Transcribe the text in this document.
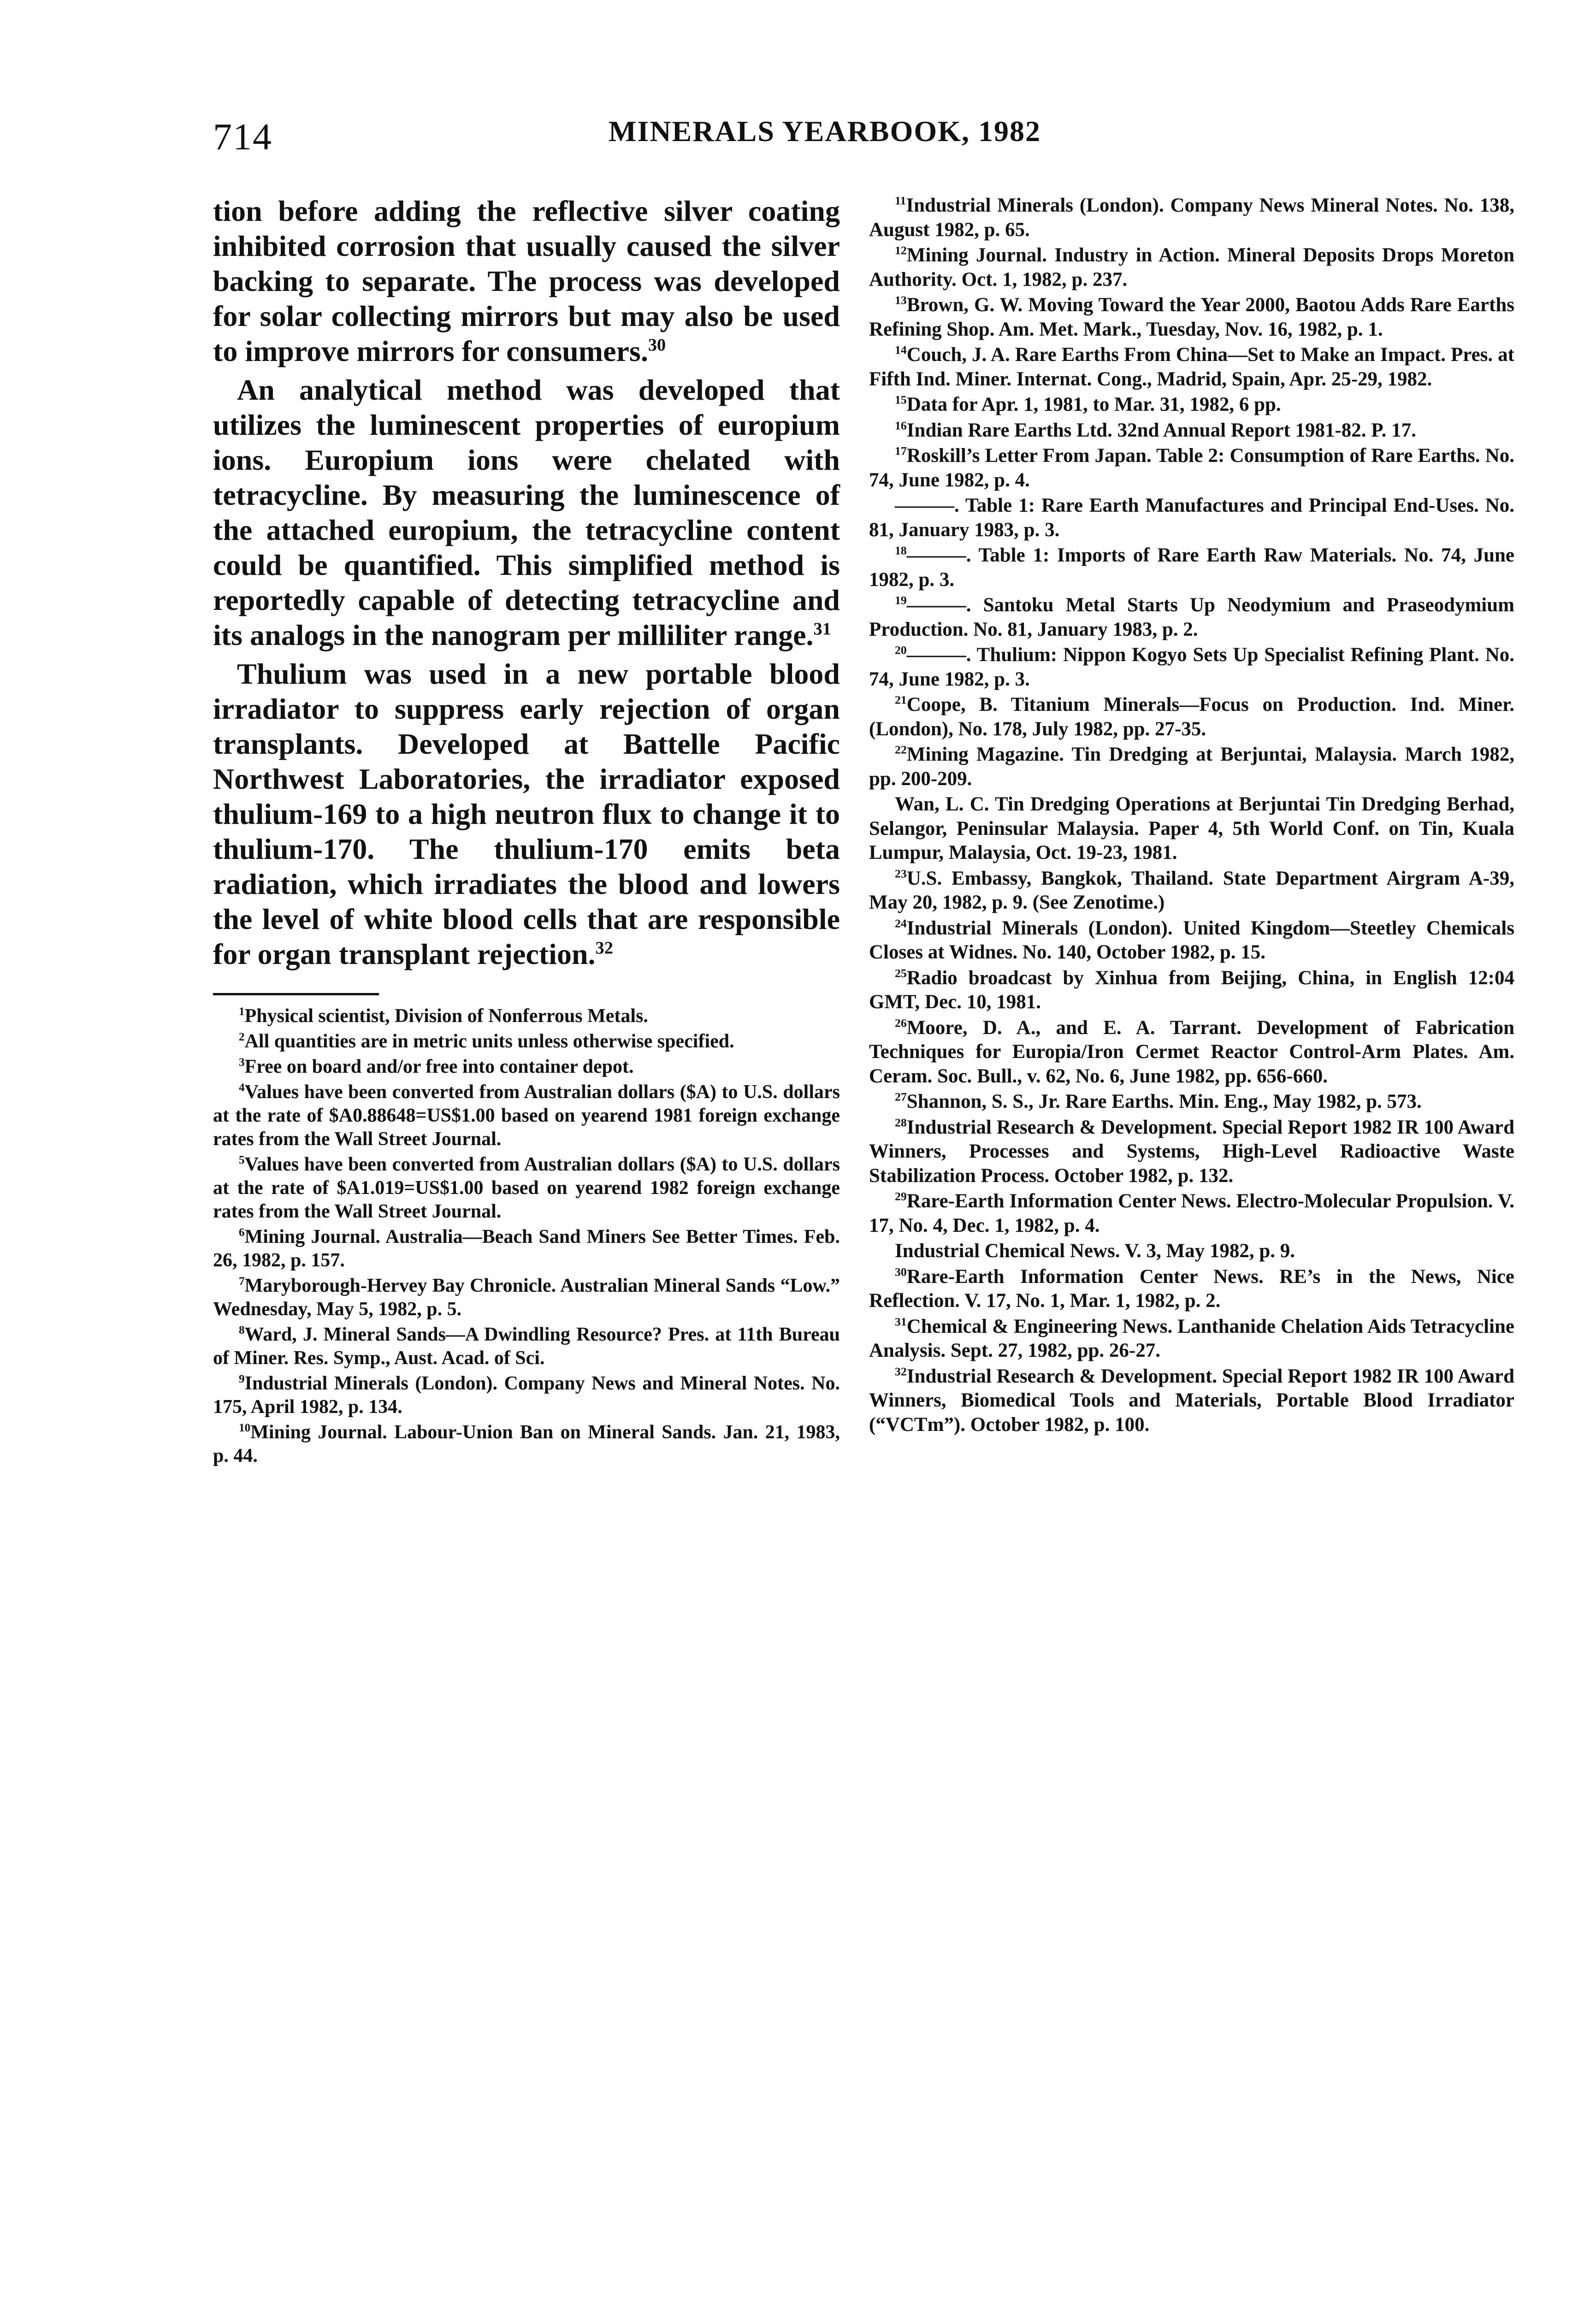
714	MINERALS YEARBOOK, 1982

tion before adding the reflective silver coating inhibited corrosion that usually caused the silver backing to separate. The process was developed for solar collecting mirrors but may also be used to improve mirrors for consumers.$^{30}$

An analytical method was developed that utilizes the luminescent properties of europium ions. Europium ions were chelated with tetracycline. By measuring the luminescence of the attached europium, the tetracycline content could be quantified. This simplified method is reportedly capable of detecting tetracycline and its analogs in the nanogram per milliliter range.$^{31}$

Thulium was used in a new portable blood irradiator to suppress early rejection of organ transplants. Developed at Battelle Pacific Northwest Laboratories, the irradiator exposed thulium-169 to a high neutron flux to change it to thulium-170. The thulium-170 emits beta radiation, which irradiates the blood and lowers the level of white blood cells that are responsible for organ transplant rejection.$^{32}$

$^1$Physical scientist, Division of Nonferrous Metals.

$^2$All quantities are in metric units unless otherwise specified.

$^3$Free on board and/or free into container depot.

$^4$Values have been converted from Australian dollars ($A) to U.S. dollars at the rate of $A0.88648=US$1.00 based on yearend 1981 foreign exchange rates from the Wall Street Journal.

$^5$Values have been converted from Australian dollars ($A) to U.S. dollars at the rate of $A1.019=US$1.00 based on yearend 1982 foreign exchange rates from the Wall Street Journal.

$^6$Mining Journal. Australia—Beach Sand Miners See Better Times. Feb. 26, 1982, p. 157.

$^7$Maryborough-Hervey Bay Chronicle. Australian Mineral Sands “Low.” Wednesday, May 5, 1982, p. 5.

$^8$Ward, J. Mineral Sands—A Dwindling Resource? Pres. at 11th Bureau of Miner. Res. Symp., Aust. Acad. of Sci.

$^9$Industrial Minerals (London). Company News and Mineral Notes. No. 175, April 1982, p. 134.

$^{10}$Mining Journal. Labour-Union Ban on Mineral Sands. Jan. 21, 1983, p. 44.

$^{11}$Industrial Minerals (London). Company News Mineral Notes. No. 138, August 1982, p. 65.

$^{12}$Mining Journal. Industry in Action. Mineral Deposits Drops Moreton Authority. Oct. 1, 1982, p. 237.

$^{13}$Brown, G. W. Moving Toward the Year 2000, Baotou Adds Rare Earths Refining Shop. Am. Met. Mark., Tuesday, Nov. 16, 1982, p. 1.

$^{14}$Couch, J. A. Rare Earths From China—Set to Make an Impact. Pres. at Fifth Ind. Miner. Internat. Cong., Madrid, Spain, Apr. 25-29, 1982.

$^{15}$Data for Apr. 1, 1981, to Mar. 31, 1982, 6 pp.

$^{16}$Indian Rare Earths Ltd. 32nd Annual Report 1981-82. P. 17.

$^{17}$Roskill’s Letter From Japan. Table 2: Consumption of Rare Earths. No. 74, June 1982, p. 4.

———. Table 1: Rare Earth Manufactures and Principal End-Uses. No. 81, January 1983, p. 3.

$^{18}$———. Table 1: Imports of Rare Earth Raw Materials. No. 74, June 1982, p. 3.

$^{19}$———. Santoku Metal Starts Up Neodymium and Praseodymium Production. No. 81, January 1983, p. 2.

$^{20}$———. Thulium: Nippon Kogyo Sets Up Specialist Refining Plant. No. 74, June 1982, p. 3.

$^{21}$Coope, B. Titanium Minerals—Focus on Production. Ind. Miner. (London), No. 178, July 1982, pp. 27-35.

$^{22}$Mining Magazine. Tin Dredging at Berjuntai, Malaysia. March 1982, pp. 200-209.

Wan, L. C. Tin Dredging Operations at Berjuntai Tin Dredging Berhad, Selangor, Peninsular Malaysia. Paper 4, 5th World Conf. on Tin, Kuala Lumpur, Malaysia, Oct. 19-23, 1981.

$^{23}$U.S. Embassy, Bangkok, Thailand. State Department Airgram A-39, May 20, 1982, p. 9. (See Zenotime.)

$^{24}$Industrial Minerals (London). United Kingdom—Steetley Chemicals Closes at Widnes. No. 140, October 1982, p. 15.

$^{25}$Radio broadcast by Xinhua from Beijing, China, in English 12:04 GMT, Dec. 10, 1981.

$^{26}$Moore, D. A., and E. A. Tarrant. Development of Fabrication Techniques for Europia/Iron Cermet Reactor Control-Arm Plates. Am. Ceram. Soc. Bull., v. 62, No. 6, June 1982, pp. 656-660.

$^{27}$Shannon, S. S., Jr. Rare Earths. Min. Eng., May 1982, p. 573.

$^{28}$Industrial Research & Development. Special Report 1982 IR 100 Award Winners, Processes and Systems, High-Level Radioactive Waste Stabilization Process. October 1982, p. 132.

$^{29}$Rare-Earth Information Center News. Electro-Molecular Propulsion. V. 17, No. 4, Dec. 1, 1982, p. 4.

Industrial Chemical News. V. 3, May 1982, p. 9.

$^{30}$Rare-Earth Information Center News. RE’s in the News, Nice Reflection. V. 17, No. 1, Mar. 1, 1982, p. 2.

$^{31}$Chemical & Engineering News. Lanthanide Chelation Aids Tetracycline Analysis. Sept. 27, 1982, pp. 26-27.

$^{32}$Industrial Research & Development. Special Report 1982 IR 100 Award Winners, Biomedical Tools and Materials, Portable Blood Irradiator (“VCTm”). October 1982, p. 100.
